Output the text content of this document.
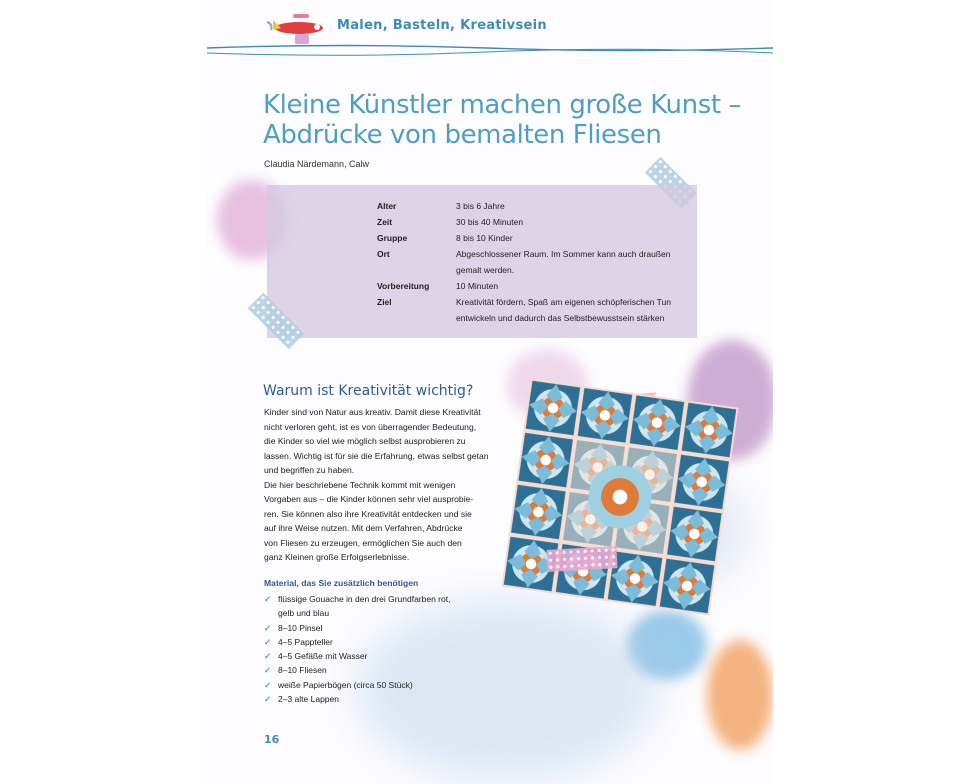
Malen, Basteln, Kreativsein
Kleine Künstler machen große Kunst –
Abdrücke von bemalten Fliesen
Claudia Närdemann, Calw
Alter	3 bis 6 Jahre
Zeit	30 bis 40 Minuten
Gruppe	8 bis 10 Kinder
Ort	Abgeschlossener Raum. Im Sommer kann auch draußen
gemalt werden.
Vorbereitung	10 Minuten
Ziel	Kreativität fördern, Spaß am eigenen schöpferischen Tun
entwickeln und dadurch das Selbstbewusstsein stärken
Warum ist Kreativität wichtig?

Kinder sind von Natur aus kreativ. Damit diese Kreativität

nicht verloren geht, ist es von überragender Bedeutung,

die Kinder so viel wie möglich selbst ausprobieren zu

lassen. Wichtig ist für sie die Erfahrung, etwas selbst getan

und begriffen zu haben.

Die hier beschriebene Technik kommt mit wenigen

Vorgaben aus – die Kinder können sehr viel ausprobie-

ren. Sie können also ihre Kreativität entdecken und sie

auf ihre Weise nutzen. Mit dem Verfahren, Abdrücke

von Fliesen zu erzeugen, ermöglichen Sie auch den

ganz Kleinen große Erfolgserlebnisse.

Material, das Sie zusätzlich benötigen
✓ flüssige Gouache in den drei Grundfarben rot,
gelb und blau
✓ 8–10 Pinsel
✓ 4–5 Pappteller
✓ 4–5 Gefäße mit Wasser
✓ 8–10 Fliesen
✓ weiße Papierbögen (circa 50 Stück)
✓ 2–3 alte Lappen
16
